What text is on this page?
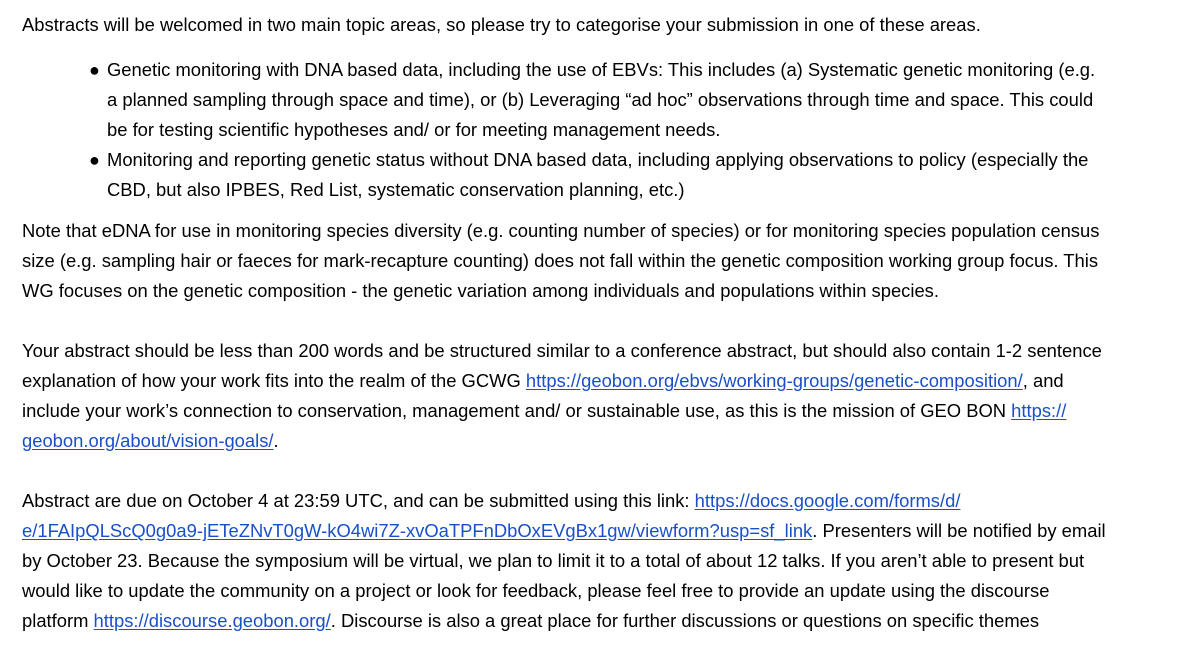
Abstracts will be welcomed in two main topic areas, so please try to categorise your submission in one of these areas.

● Genetic monitoring with DNA based data, including the use of EBVs: This includes (a) Systematic genetic monitoring (e.g.
a planned sampling through space and time), or (b) Leveraging “ad hoc” observations through time and space. This could
be for testing scientific hypotheses and/ or for meeting management needs.
● Monitoring and reporting genetic status without DNA based data, including applying observations to policy (especially the
CBD, but also IPBES, Red List, systematic conservation planning, etc.)

Note that eDNA for use in monitoring species diversity (e.g. counting number of species) or for monitoring species population census
size (e.g. sampling hair or faeces for mark-recapture counting) does not fall within the genetic composition working group focus. This
WG focuses on the genetic composition - the genetic variation among individuals and populations within species.

Your abstract should be less than 200 words and be structured similar to a conference abstract, but should also contain 1-2 sentence
explanation of how your work fits into the realm of the GCWG https://geobon.org/ebvs/working-groups/genetic-composition/, and
include your work’s connection to conservation, management and/ or sustainable use, as this is the mission of GEO BON https://
geobon.org/about/vision-goals/.

Abstract are due on October 4 at 23:59 UTC, and can be submitted using this link: https://docs.google.com/forms/d/
e/1FAIpQLScQ0g0a9-jETeZNvT0gW-kO4wi7Z-xvOaTPFnDbOxEVgBx1gw/viewform?usp=sf_link. Presenters will be notified by email
by October 23. Because the symposium will be virtual, we plan to limit it to a total of about 12 talks. If you aren’t able to present but
would like to update the community on a project or look for feedback, please feel free to provide an update using the discourse
platform https://discourse.geobon.org/. Discourse is also a great place for further discussions or questions on specific themes
